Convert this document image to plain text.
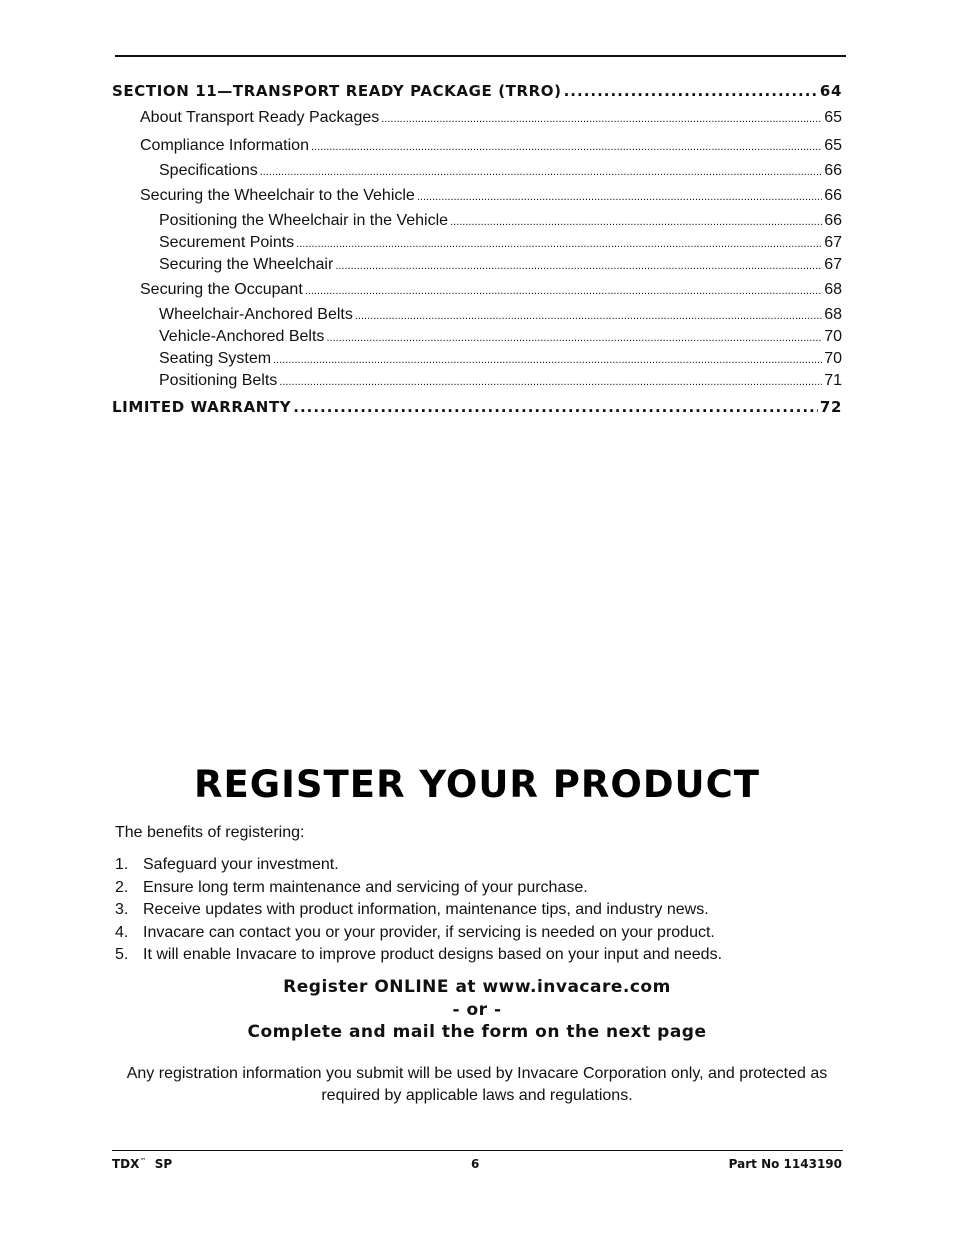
SECTION 11—TRANSPORT READY PACKAGE (TRRO) .....	64
About Transport Ready Packages .....	65
Compliance Information .....	65
Specifications .....	66
Securing the Wheelchair to the Vehicle .....	66
Positioning the Wheelchair in the Vehicle .....	66
Securement Points .....	67
Securing the Wheelchair .....	67
Securing the Occupant .....	68
Wheelchair-Anchored Belts .....	68
Vehicle-Anchored Belts .....	70
Seating System .....	70
Positioning Belts .....	71
LIMITED WARRANTY .....	72
REGISTER YOUR PRODUCT
The benefits of registering:
1. Safeguard your investment.
2. Ensure long term maintenance and servicing of your purchase.
3. Receive updates with product information, maintenance tips, and industry news.
4. Invacare can contact you or your provider, if servicing is needed on your product.
5. It will enable Invacare to improve product designs based on your input and needs.
Register ONLINE at www.invacare.com
- or -
Complete and mail the form on the next page
Any registration information you submit will be used by Invacare Corporation only, and protected as required by applicable laws and regulations.
TDX™ SP	6	Part No 1143190
